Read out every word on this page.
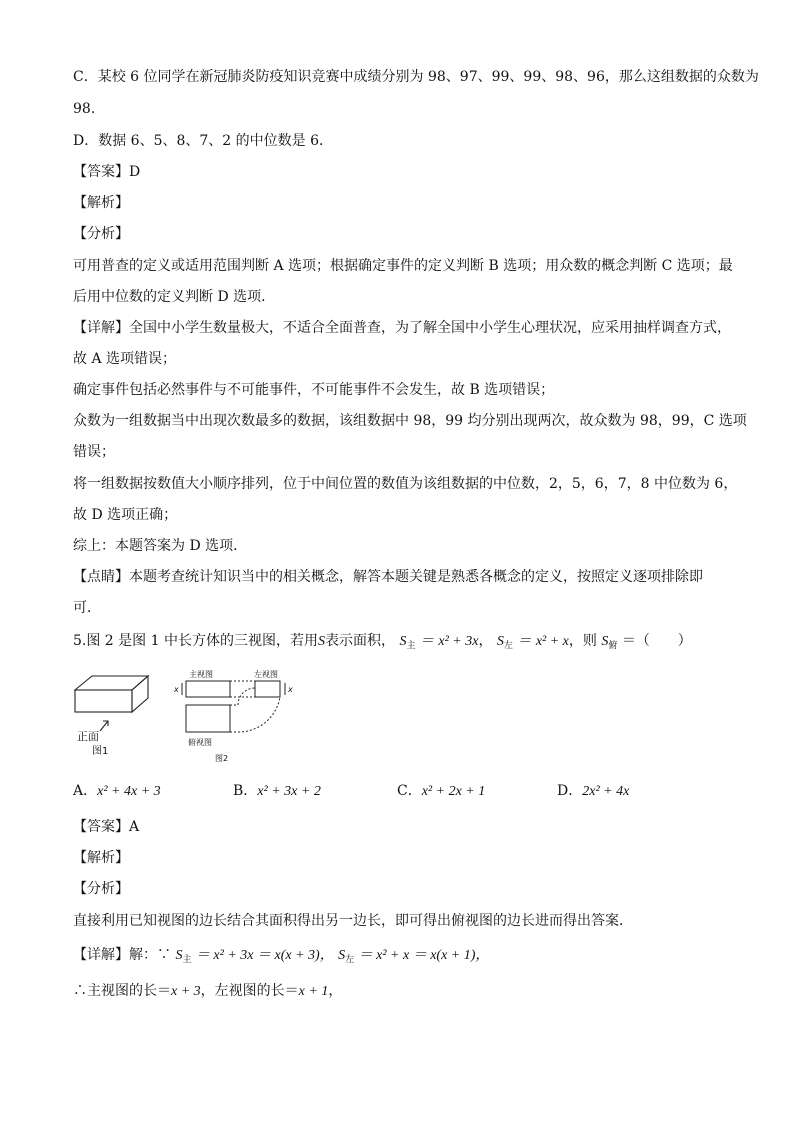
C．某校 6 位同学在新冠肺炎防疫知识竞赛中成绩分别为 98、97、99、99、98、96，那么这组数据的众数为
98．
D．数据 6、5、8、7、2 的中位数是 6．
【答案】D
【解析】
【分析】
可用普查的定义或适用范围判断 A 选项；根据确定事件的定义判断 B 选项；用众数的概念判断 C 选项；最
后用中位数的定义判断 D 选项．
【详解】全国中小学生数量极大，不适合全面普查，为了解全国中小学生心理状况，应采用抽样调查方式，
故 A 选项错误；
确定事件包括必然事件与不可能事件，不可能事件不会发生，故 B 选项错误；
众数为一组数据当中出现次数最多的数据，该组数据中 98，99 均分别出现两次，故众数为 98，99，C 选项
错误；
将一组数据按数值大小顺序排列，位于中间位置的数值为该组数据的中位数，2，5，6，7，8 中位数为 6，
故 D 选项正确；
综上：本题答案为 D 选项．
【点睛】本题考查统计知识当中的相关概念，解答本题关键是熟悉各概念的定义，按照定义逐项排除即
可．
5.图 2 是图 1 中长方体的三视图，若用S表示面积， $S_主 = x^2 + 3x$， $S_左 = x^2 + x$，则 $S_俯$ ＝（　　）
正面
图1
主视图	左视图
俯视图
图2
x	x
A．x² + 4x + 3	B．x² + 3x + 2	C．x² + 2x + 1	D．2x² + 4x
【答案】A
【解析】
【分析】
直接利用已知视图的边长结合其面积得出另一边长，即可得出俯视图的边长进而得出答案．
【详解】解：∵ $S_主 = x^2 + 3x = x(x + 3)$， $S_左 = x^2 + x = x(x + 1)$，
∴主视图的长＝x + 3，左视图的长＝x + 1，
